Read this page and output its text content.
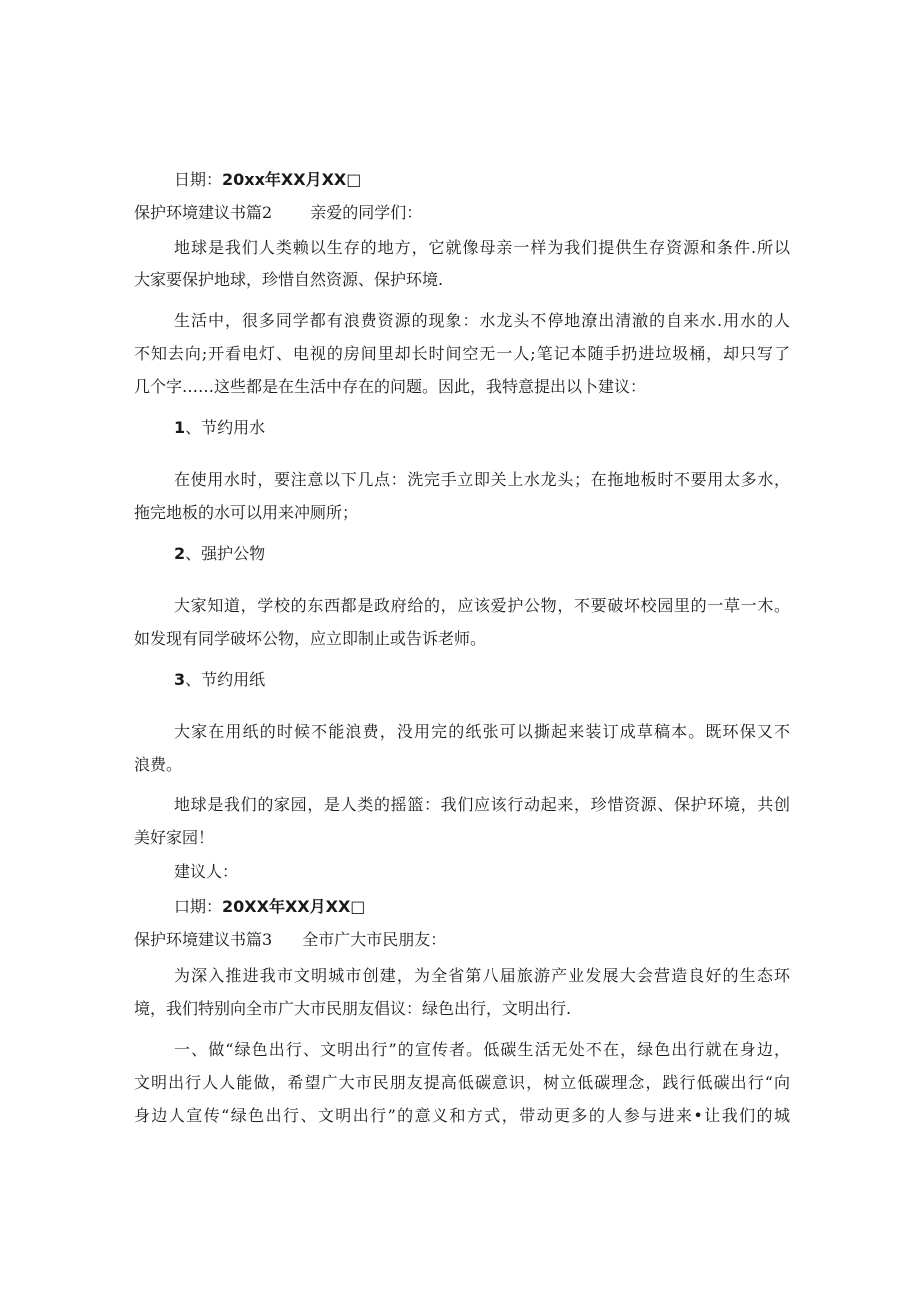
日期：20xx年XX月XX□

保护环境建议书篇2 亲爱的同学们：

地球是我们人类赖以生存的地方，它就像母亲一样为我们提供生存资源和条件.所以

大家要保护地球，珍惜自然资源、保护环境.

生活中，很多同学都有浪费资源的现象：水龙头不停地潦出清澈的自来水.用水的人

不知去向;开看电灯、电视的房间里却长时间空无一人;笔记本随手扔进垃圾桶，却只写了

几个字……这些都是在生活中存在的问题。因此，我特意提出以卜建议：

1、节约用水

在使用水时，要注意以下几点：洗完手立即关上水龙头；在拖地板时不要用太多水，

拖完地板的水可以用来冲厕所；

2、强护公物

大家知道，学校的东西都是政府给的，应该爱护公物，不要破坏校园里的一草一木。

如发现有同学破坏公物，应立即制止或告诉老师。

3、节约用纸

大家在用纸的时候不能浪费，没用完的纸张可以撕起来装订成草稿本。既环保又不

浪费。

地球是我们的家园，是人类的摇篮：我们应该行动起来，珍惜资源、保护环境，共创

美好家园！

建议人：

口期：20XX年XX月XX□

保护环境建议书篇3 全市广大市民朋友：

为深入推进我市文明城市创建，为全省第八届旅游产业发展大会营造良好的生态环

境，我们特别向全市广大市民朋友倡议：绿色出行，文明出行.

一、做“绿色出行、文明出行”的宣传者。低碳生活无处不在，绿色出行就在身边，

文明出行人人能做，希望广大市民朋友提高低碳意识，树立低碳理念，践行低碳出行“向

身边人宣传“绿色出行、文明出行”的意义和方式，带动更多的人参与进来•让我们的城
